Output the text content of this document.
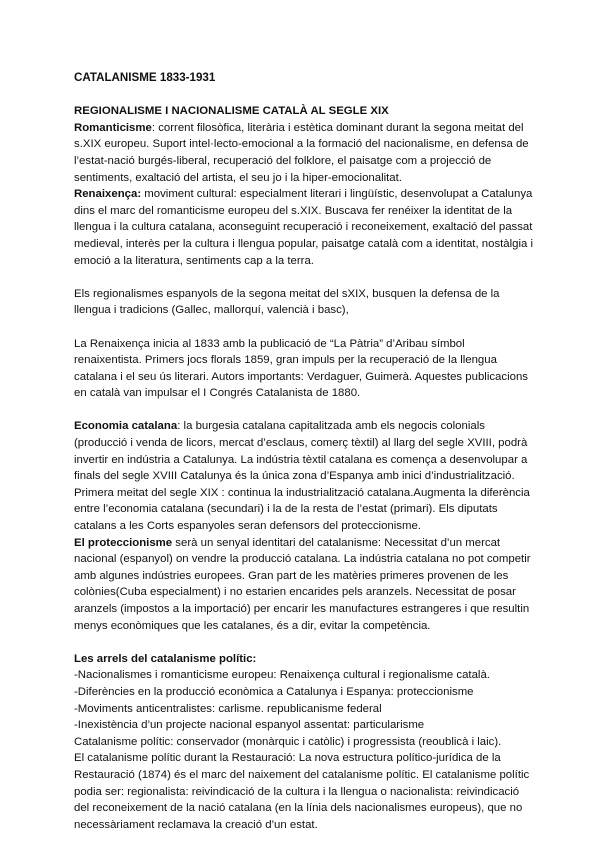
CATALANISME 1833-1931

REGIONALISME I NACIONALISME CATALÀ AL SEGLE XIX

Romanticisme: corrent filosòfica, literària i estètica dominant durant la segona meitat del s.XIX europeu. Suport intel·lecto-emocional a la formació del nacionalisme, en defensa de l’estat-nació burgés-liberal, recuperació del folklore, el paisatge com a projecció de sentiments, exaltació del artista, el seu jo i la hiper-emocionalitat.

Renaixença: moviment cultural: especialment literari i lingüístic, desenvolupat a Catalunya dins el marc del romanticisme europeu del s.XIX. Buscava fer renéixer la identitat de la llengua i la cultura catalana, aconseguint recuperació i reconeixement, exaltació del passat medieval, interès per la cultura i llengua popular, paisatge català com a identitat, nostàlgia i emoció a la literatura, sentiments cap a la terra.

Els regionalismes espanyols de la segona meitat del sXIX, busquen la defensa de la llengua i tradicions (Gallec, mallorquí, valencià i basc),

La Renaixença inicia al 1833 amb la publicació de “La Pàtria” d’Aribau símbol renaixentista. Primers jocs florals 1859, gran impuls per la recuperació de la llengua catalana i el seu ús literari. Autors importants: Verdaguer, Guimerà. Aquestes publicacions en català van impulsar el I Congrés Catalanista de 1880.

Economia catalana: la burgesia catalana capitalitzada amb els negocis colonials (producció i venda de licors, mercat d’esclaus, comerç tèxtil) al llarg del segle XVIII, podrà invertir en indústria a Catalunya. La indústria tèxtil catalana es comença a desenvolupar a finals del segle XVIII Catalunya és la única zona d’Espanya amb inici d’industrialització. Primera meitat del segle XIX : continua la industrialització catalana.Augmenta la diferència entre l’economia catalana (secundari) i la de la resta de l’estat (primari). Els diputats catalans a les Corts espanyoles seran defensors del proteccionisme.

El proteccionisme serà un senyal identitari del catalanisme: Necessitat d’un mercat nacional (espanyol) on vendre la producció catalana. La indústria catalana no pot competir amb algunes indústries europees. Gran part de les matèries primeres provenen de les colònies(Cuba especialment) i no estarien encarides pels aranzels. Necessitat de posar aranzels (impostos a la importació) per encarir les manufactures estrangeres i que resultin menys econòmiques que les catalanes, és a dir, evitar la competència.

Les arrels del catalanisme polític:

-Nacionalismes i romanticisme europeu: Renaixença cultural i regionalisme català.

-Diferències en la producció econòmica a Catalunya i Espanya: proteccionisme

-Moviments anticentralistes: carlisme. republicanisme federal

-Inexistència d’un projecte nacional espanyol assentat: particularisme

Catalanisme polític: conservador (monàrquic i catòlic) i progressista (reoublicà i laic).

El catalanisme polític durant la Restauració: La nova estructura político-jurídica de la Restauració (1874) és el marc del naixement del catalanisme polític. El catalanisme polític podia ser: regionalista: reivindicació de la cultura i la llengua o nacionalista: reivindicació del reconeixement de la nació catalana (en la línia dels nacionalismes europeus), que no necessàriament reclamava la creació d’un estat.
